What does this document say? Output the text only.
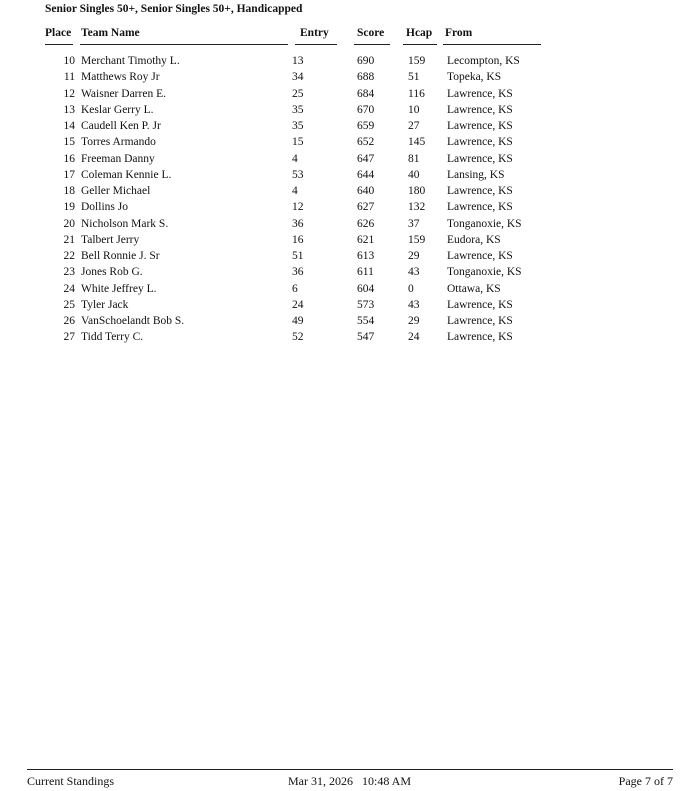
Senior Singles 50+, Senior Singles 50+, Handicapped
Place Team Name	Entry Score Hcap From
10 Merchant Timothy L.	13	690	159 Lecompton, KS
11 Matthews Roy Jr	34	688	51 Topeka, KS
12 Waisner Darren E.	25	684	116 Lawrence, KS
13 Keslar Gerry L.	35	670	10 Lawrence, KS
14 Caudell Ken P. Jr	35	659	27 Lawrence, KS
15 Torres Armando	15	652	145 Lawrence, KS
16 Freeman Danny	4	647	81 Lawrence, KS
17 Coleman Kennie L.	53	644	40 Lansing, KS
18 Geller Michael	4	640	180 Lawrence, KS
19 Dollins Jo	12	627	132 Lawrence, KS
20 Nicholson Mark S.	36	626	37 Tonganoxie, KS
21 Talbert Jerry	16	621	159 Eudora, KS
22 Bell Ronnie J. Sr	51	613	29 Lawrence, KS
23 Jones Rob G.	36	611	43 Tonganoxie, KS
24 White Jeffrey L.	6	604	0	Ottawa, KS
25 Tyler Jack	24	573	43 Lawrence, KS
26 VanSchoelandt Bob S.	49	554	29 Lawrence, KS
27 Tidd Terry C.	52	547	24 Lawrence, KS
Current Standings	Mar 31, 2026   10:48 AM	Page 7 of 7
